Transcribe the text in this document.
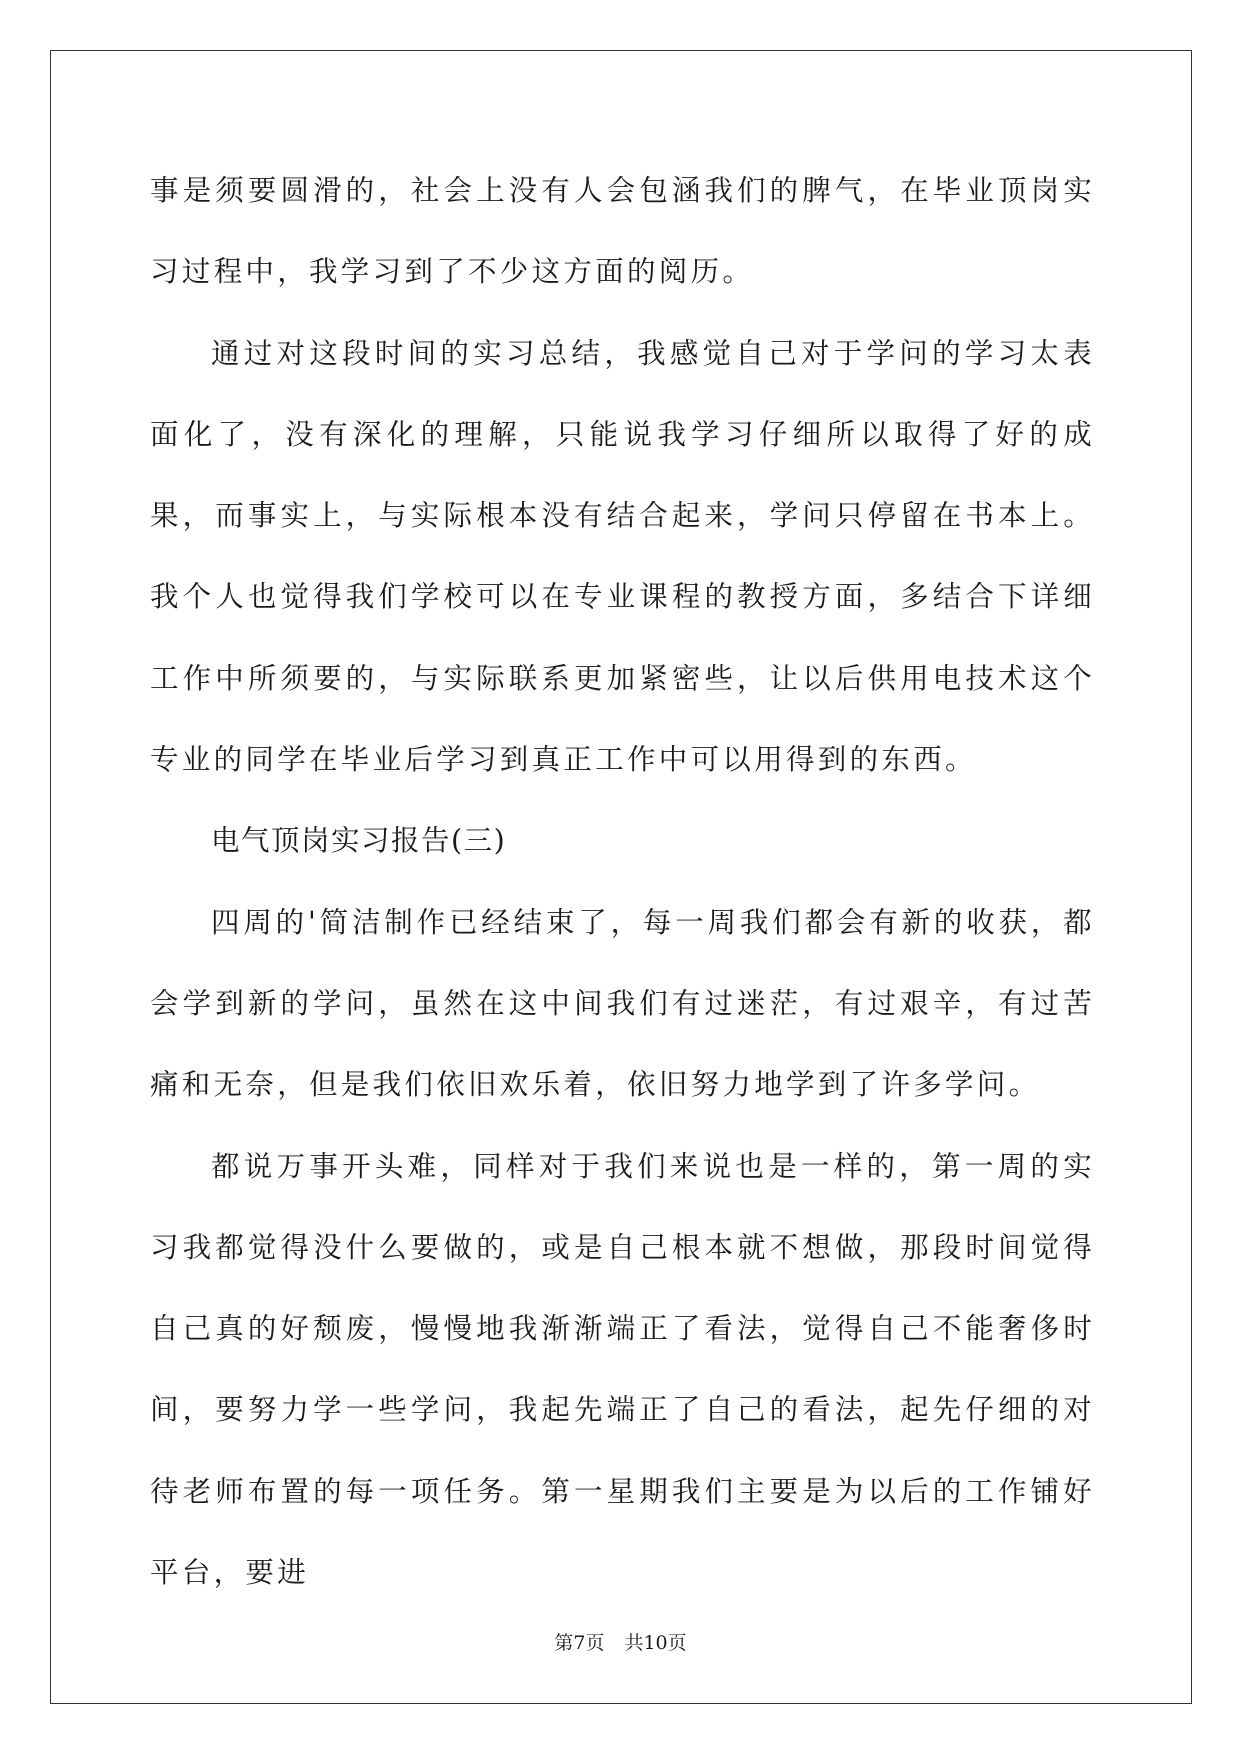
事是须要圆滑的，社会上没有人会包涵我们的脾气，在毕业顶岗实习过程中，我学习到了不少这方面的阅历。

通过对这段时间的实习总结，我感觉自己对于学问的学习太表面化了，没有深化的理解，只能说我学习仔细所以取得了好的成果，而事实上，与实际根本没有结合起来，学问只停留在书本上。我个人也觉得我们学校可以在专业课程的教授方面，多结合下详细工作中所须要的，与实际联系更加紧密些，让以后供用电技术这个专业的同学在毕业后学习到真正工作中可以用得到的东西。

电气顶岗实习报告(三)

四周的'简洁制作已经结束了，每一周我们都会有新的收获，都会学到新的学问，虽然在这中间我们有过迷茫，有过艰辛，有过苦痛和无奈，但是我们依旧欢乐着，依旧努力地学到了许多学问。

都说万事开头难，同样对于我们来说也是一样的，第一周的实习我都觉得没什么要做的，或是自己根本就不想做，那段时间觉得自己真的好颓废，慢慢地我渐渐端正了看法，觉得自己不能奢侈时间，要努力学一些学问，我起先端正了自己的看法，起先仔细的对待老师布置的每一项任务。第一星期我们主要是为以后的工作铺好平台，要进

第7页 共10页
